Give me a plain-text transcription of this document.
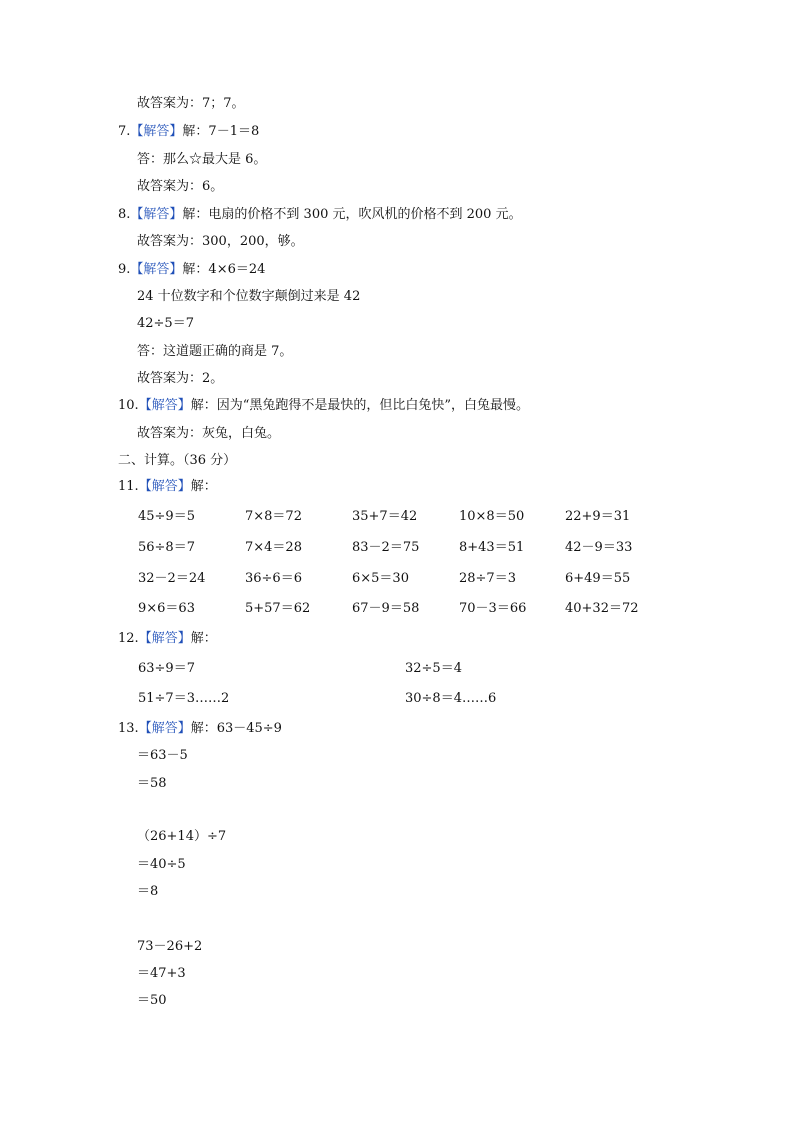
故答案为：7；7。
7.【解答】解：7－1＝8
答：那么☆最大是 6。
故答案为：6。
8.【解答】解：电扇的价格不到 300 元，吹风机的价格不到 200 元。
故答案为：300，200，够。
9.【解答】解：4×6＝24
24 十位数字和个位数字颠倒过来是 42
42÷5＝7
答：这道题正确的商是 7。
故答案为：2。
10.【解答】解：因为“黑兔跑得不是最快的，但比白兔快”，白兔最慢。
故答案为：灰兔，白兔。
二、计算。（36 分）
11.【解答】解：
45÷9＝5	7×8＝72	35+7＝42	10×8＝50	22+9＝31
56÷8＝7	7×4＝28	83－2＝75	8+43＝51	42－9＝33
32－2＝24	36÷6＝6	6×5＝30	28÷7＝3	6+49＝55
9×6＝63	5+57＝62	67－9＝58	70－3＝66	40+32＝72
12.【解答】解：
63÷9＝7	32÷5＝4
51÷7＝3……2	30÷8＝4……6
13.【解答】解：63－45÷9
＝63－5
＝58
（26+14）÷7
＝40÷5
＝8
73－26+2
＝47+3
＝50
